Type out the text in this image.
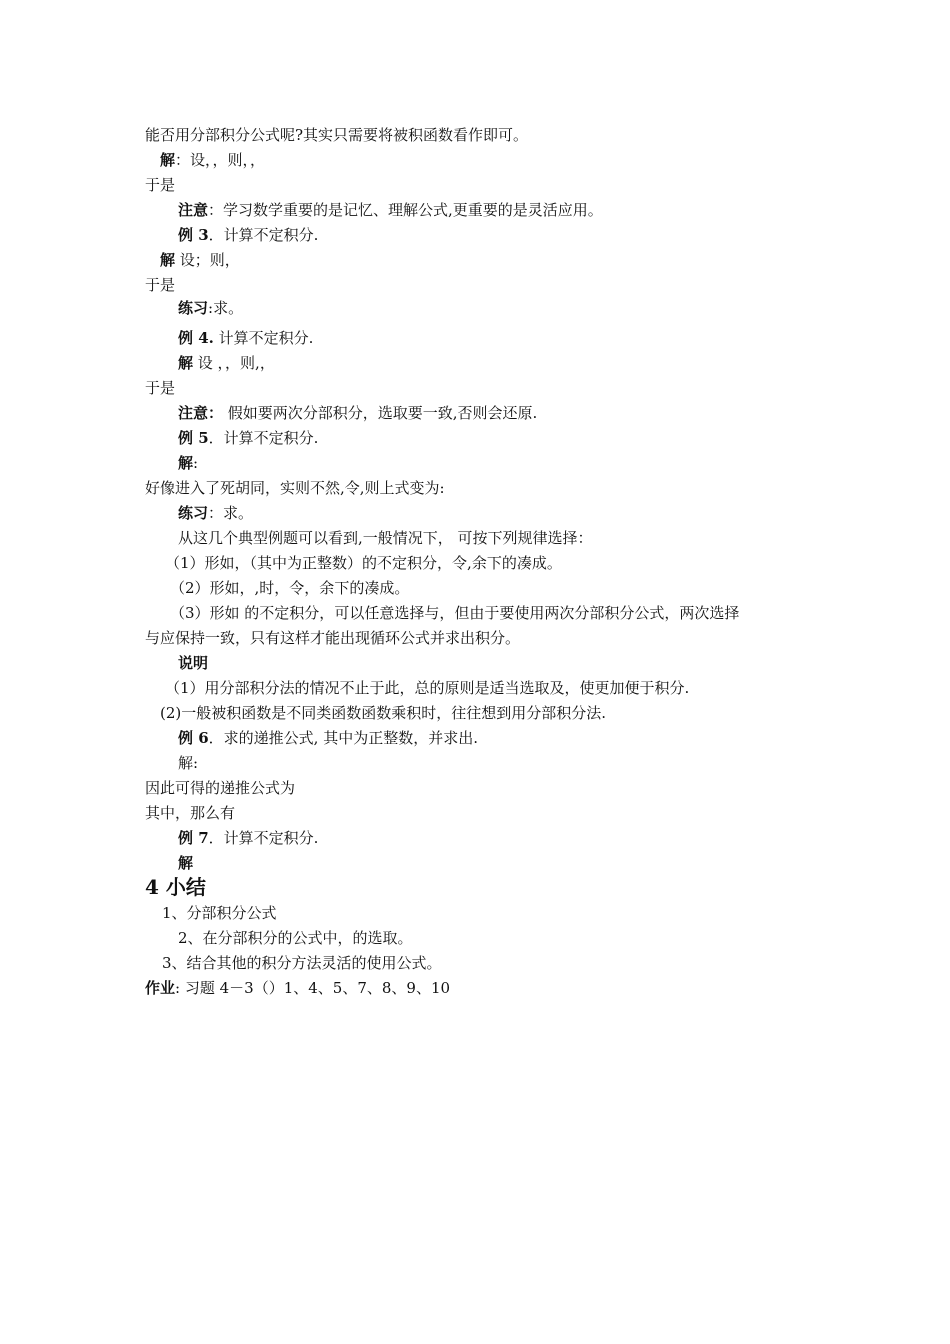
能否用分部积分公式呢?其实只需要将被积函数看作即可。
解：设，，则，，
于是
注意：学习数学重要的是记忆、理解公式,更重要的是灵活应用。
例 3．计算不定积分.
解 设；则，
于是
练习:求。
例 4. 计算不定积分.
解 设 ，，则,，
于是
注意： 假如要两次分部积分，选取要一致,否则会还原.
例 5．计算不定积分.
解:
好像进入了死胡同，实则不然,令,则上式变为:
练习：求。
从这几个典型例题可以看到,一般情况下， 可按下列规律选择：
（1）形如，（其中为正整数）的不定积分，令,余下的凑成。
（2）形如，,时，令，余下的凑成。
（3）形如 的不定积分，可以任意选择与，但由于要使用两次分部积分公式，两次选择
与应保持一致，只有这样才能出现循环公式并求出积分。
说明
（1）用分部积分法的情况不止于此，总的原则是适当选取及，使更加便于积分.
(2)一般被积函数是不同类函数函数乘积时，往往想到用分部积分法.
例 6．求的递推公式, 其中为正整数，并求出.
解:
因此可得的递推公式为
其中，那么有
例 7．计算不定积分.
解
4 小结
1、分部积分公式
2、在分部积分的公式中，的选取。
3、结合其他的积分方法灵活的使用公式。
作业: 习题 4－3（）1、4、5、7、8、9、10
